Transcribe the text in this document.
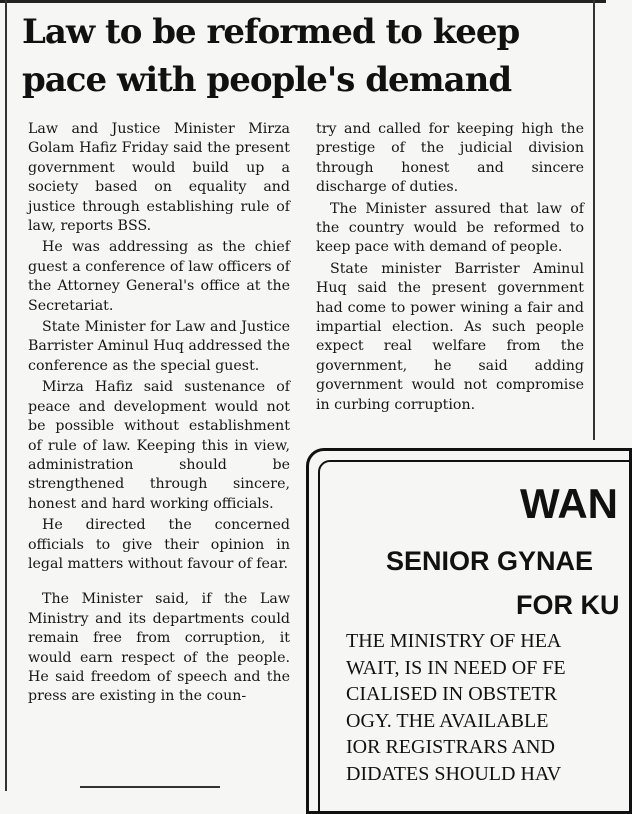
Law to be reformed to keep
pace with people's demand

Law and Justice Minister Mirza Golam Hafiz Friday said the present government would build up a society based on equality and justice through establishing rule of law, reports BSS.

He was addressing as the chief guest a conference of law officers of the Attorney General's office at the Secretariat.

State Minister for Law and Justice Barrister Aminul Huq addressed the conference as the special guest.

Mirza Hafiz said sustenance of peace and development would not be possible without establishment of rule of law. Keeping this in view, administration should be strengthened through sincere, honest and hard working officials.

He directed the concerned officials to give their opinion in legal matters without favour of fear.

The Minister said, if the Law Ministry and its departments could remain free from corruption, it would earn respect of the people. He said freedom of speech and the press are existing in the coun-

try and called for keeping high the prestige of the judicial division through honest and sincere discharge of duties.

The Minister assured that law of the country would be reformed to keep pace with demand of people.

State minister Barrister Aminul Huq said the present government had come to power wining a fair and impartial election. As such people expect real welfare from the government, he said adding government would not compromise in curbing corruption.

WAN
SENIOR GYNAE
FOR KU
THE MINISTRY OF HEA
WAIT, IS IN NEED OF FE
CIALISED IN OBSTETR
OGY. THE AVAILABLE
IOR REGISTRARS AND
DIDATES SHOULD HAV
